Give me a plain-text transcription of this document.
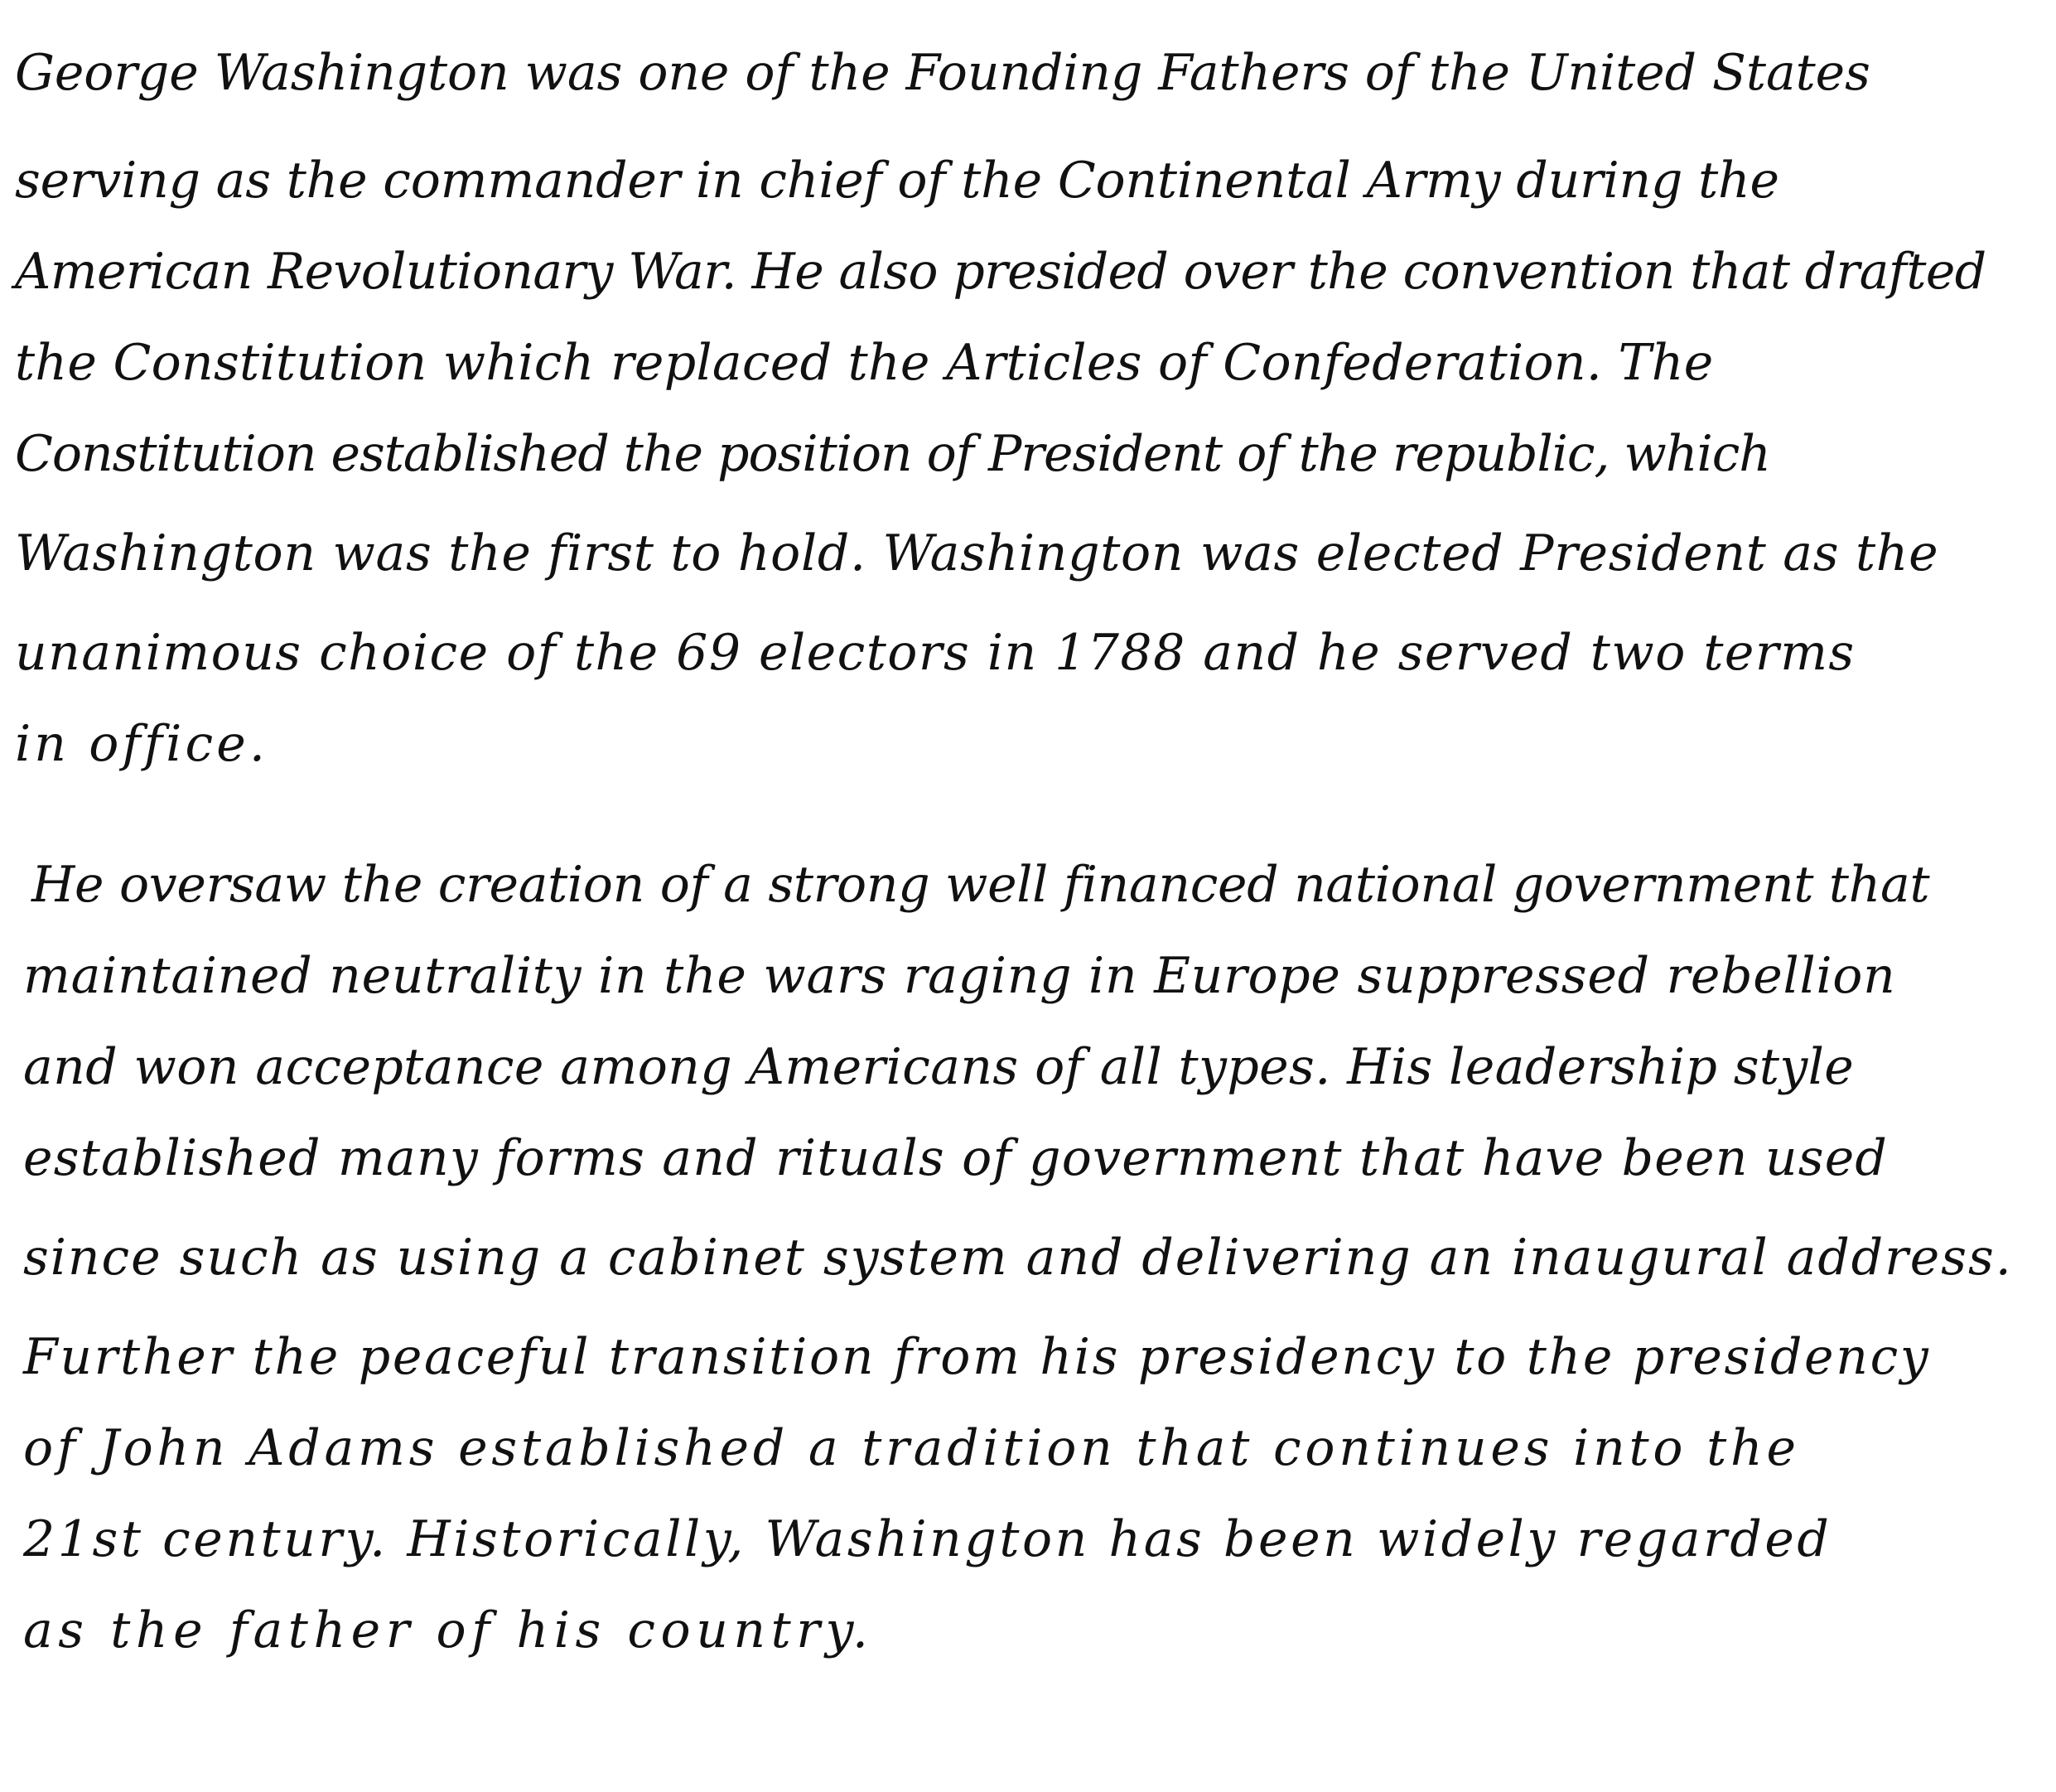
George Washington was one of the Founding Fathers of the United States
serving as the commander in chief of the Continental Army during the
American Revolutionary War. He also presided over the convention that drafted
the Constitution which replaced the Articles of Confederation. The
Constitution established the position of President of the republic, which
Washington was the first to hold. Washington was elected President as the
unanimous choice of the 69 electors in 1788 and he served two terms
in office.
He oversaw the creation of a strong well financed national government that
maintained neutrality in the wars raging in Europe suppressed rebellion
and won acceptance among Americans of all types. His leadership style
established many forms and rituals of government that have been used
since such as using a cabinet system and delivering an inaugural address.
Further the peaceful transition from his presidency to the presidency
of John Adams established a tradition that continues into the
21st century. Historically, Washington has been widely regarded
as the father of his country.
